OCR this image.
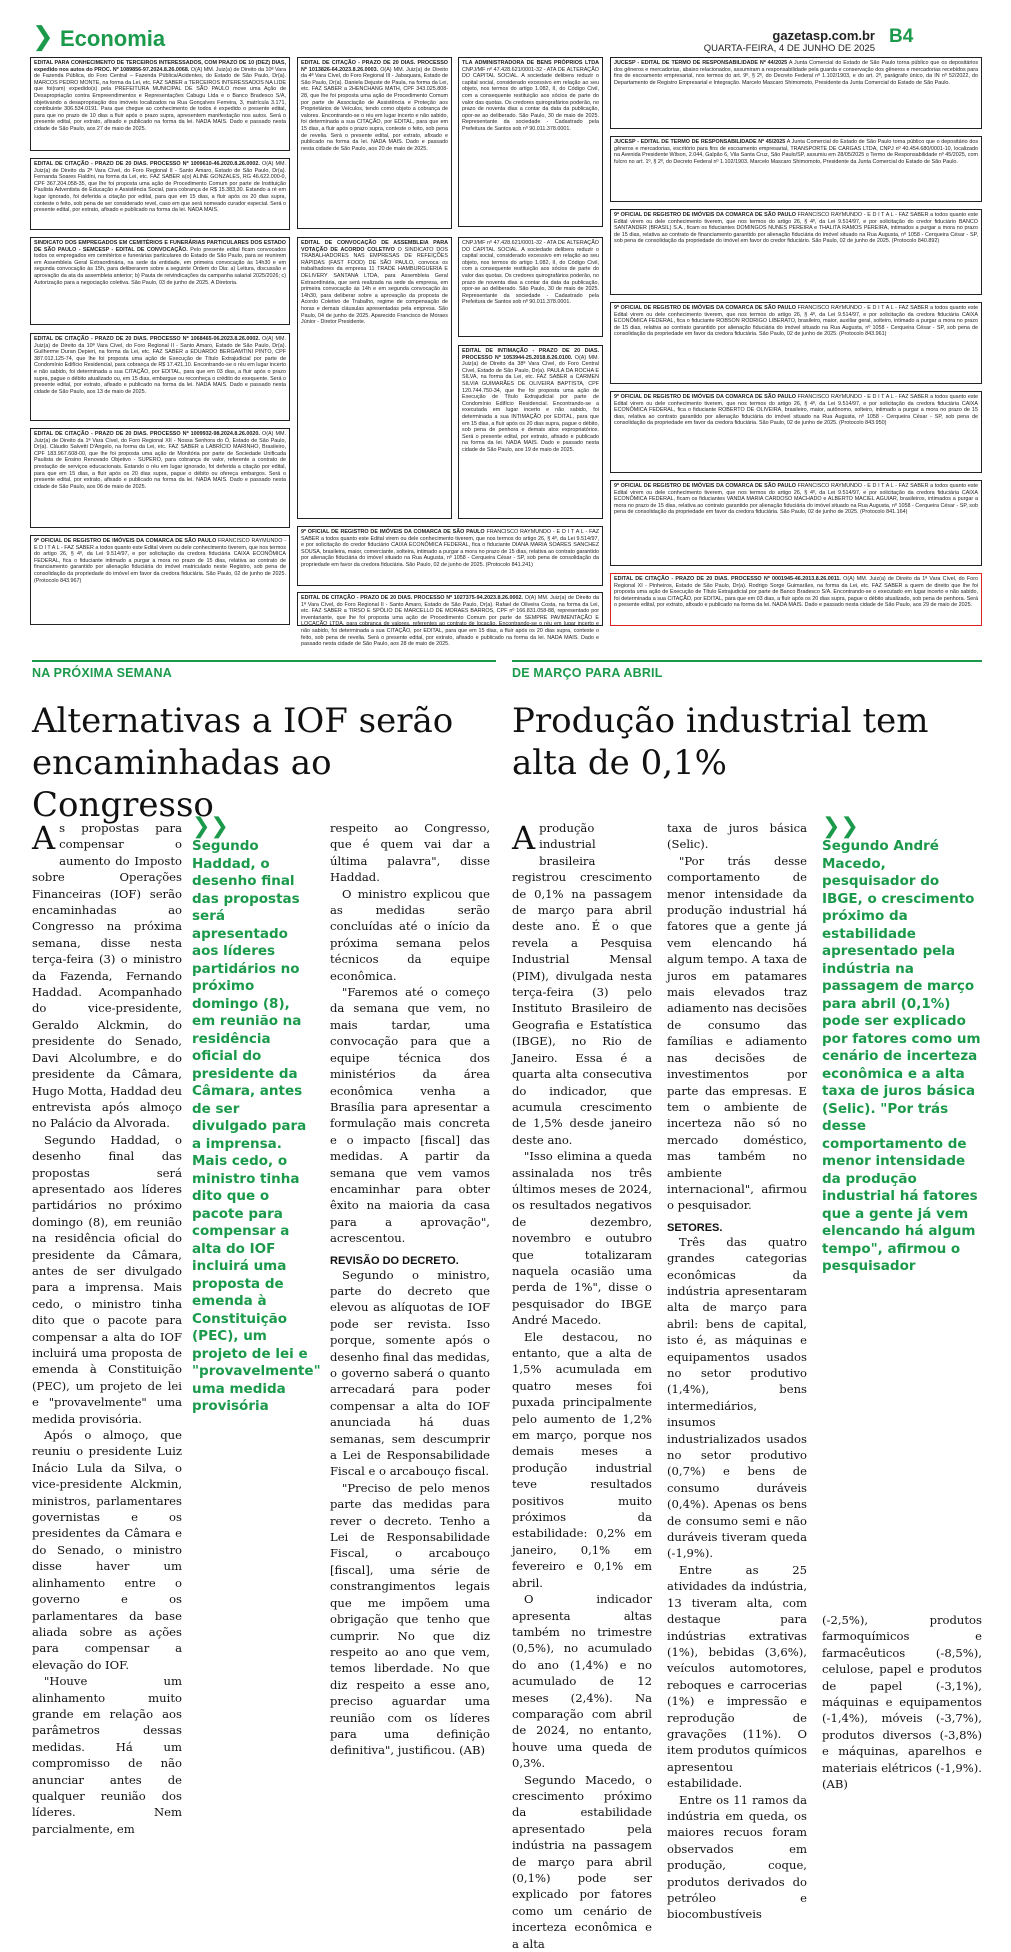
❯ Economia	B4
gazetasp.com.br
QUARTA-FEIRA, 4 DE JUNHO DE 2025
EDITAL PARA CONHECIMENTO DE TERCEIROS INTERESSADOS, COM PRAZO DE 10 (DEZ) DIAS, expedido nos autos do PROC. Nº 1089856-97.2024.8.26.0068. O(A) MM. Juiz(a) de Direito da 10ª Vara de Fazenda Pública, do Foro Central – Fazenda Pública/Acidentes, do Estado de São Paulo, Dr(a). MARCOS PEDRO MONTE, na forma da Lei, etc. FAZ SABER a TERCEIROS INTERESSADOS NA LIDE que foi(ram) expedido(s) pela PREFEITURA MUNICIPAL DE SÃO PAULO move uma Ação de Desapropriação contra Empreendimentos e Representações Cabugu Ltda e o Banco Bradesco S/A, objetivando a desapropriação dos imóveis localizados na Rua Gonçalves Ferreira, 3, matrícula 3.171, contribuinte 306.534.0191. Para que chegue ao conhecimento de todos é expedido o presente edital, para que no prazo de 10 dias a fluir após o prazo supra, apresentem manifestação nos autos. Será o presente edital, por extrato, afixado e publicado na forma da lei. NADA MAIS. Dado e passado nesta cidade de São Paulo, aos 27 de maio de 2025.
EDITAL DE CITAÇÃO - PRAZO DE 20 DIAS. PROCESSO Nº 1009610-46.2020.8.26.0002. O(A) MM. Juiz(a) de Direito da 2ª Vara Cível, do Foro Regional II - Santo Amaro, Estado de São Paulo, Dr(a). Fernanda Soares Fialdini, na forma da Lei, etc. FAZ SABER a(o) ALINE GONZALES, RG 46.622.000-0, CPF 367.204.058-35, que lhe foi proposta uma ação de Procedimento Comum por parte de Instituição Paulista Adventista de Educação e Assistência Social, para cobrança de R$ 15.383,30. Estando a ré em lugar ignorado, foi deferida a citação por edital, para que em 15 dias, a fluir após os 20 dias supra, conteste o feito, sob pena de ser considerado revel, caso em que será nomeado curador especial. Será o presente edital, por extrato, afixado e publicado na forma da lei. NADA MAIS.
SINDICATO DOS EMPREGADOS EM CEMITÉRIOS E FUNERÁRIAS PARTICULARES DOS ESTADO DE SÃO PAULO - SEMCESP - EDITAL DE CONVOCAÇÃO. Pelo presente edital ficam convocados todos os empregados em cemitérios e funerárias particulares do Estado de São Paulo, para se reunirem em Assembleia Geral Extraordinária, na sede da entidade, em primeira convocação às 14h30 e em segunda convocação às 15h, para deliberarem sobre a seguinte Ordem do Dia: a) Leitura, discussão e aprovação da ata da assembleia anterior; b) Pauta de reivindicações da campanha salarial 2025/2026; c) Autorização para a negociação coletiva. São Paulo, 03 de junho de 2025. A Diretoria.
EDITAL DE CITAÇÃO - PRAZO DE 20 DIAS. PROCESSO Nº 1068465-06.2023.8.26.0002. O(A) MM. Juiz(a) de Direito da 10ª Vara Cível, do Foro Regional II - Santo Amaro, Estado de São Paulo, Dr(a). Guilherme Duran Depieri, na forma da Lei, etc. FAZ SABER a EDUARDO BERGAMTINI PINTO, CPF 387.012.125-74, que lhe foi proposta uma ação de Execução de Título Extrajudicial por parte de Condomínio Edifício Residencial, para cobrança de R$ 17.421,10. Encontrando-se o réu em lugar incerto e não sabido, foi determinada a sua CITAÇÃO, por EDITAL, para que em 03 dias, a fluir após o prazo supra, pague o débito atualizado ou, em 15 dias, embargue ou reconheça o crédito do exequente. Será o presente edital, por extrato, afixado e publicado na forma da lei. NADA MAIS. Dado e passado nesta cidade de São Paulo, aos 13 de maio de 2025.
EDITAL DE CITAÇÃO - PRAZO DE 20 DIAS. PROCESSO Nº 1009932-98.2024.8.26.0020. O(A) MM. Juiz(a) de Direito da 1ª Vara Cível, do Foro Regional XII - Nossa Senhora do Ó, Estado de São Paulo, Dr(a). Cláudio Salvetti D'Angelo, na forma da Lei, etc. FAZ SABER a LABRÍCIO MARINHO, Brasileiro, CPF 183.967.608-00, que lhe foi proposta uma ação de Monitória por parte de Sociedade Unificada Paulista de Ensino Renovado Objetivo - SUPERO, para cobrança de valor, referente a contrato de prestação de serviços educacionais. Estando o réu em lugar ignorado, foi deferida a citação por edital, para que em 15 dias, a fluir após os 20 dias supra, pague o débito ou ofereça embargos. Será o presente edital, por extrato, afixado e publicado na forma da lei. NADA MAIS. Dado e passado nesta cidade de São Paulo, aos 06 de maio de 2025.
9º OFICIAL DE REGISTRO DE IMÓVEIS DA COMARCA DE SÃO PAULO FRANCISCO RAYMUNDO - E D I T A L - FAZ SABER a todos quanto este Edital virem ou dele conhecimento tiverem, que nos termos do artigo 26, § 4º, da Lei 9.514/97, e por solicitação da credora fiduciária CAIXA ECONÔMICA FEDERAL, fica o fiduciante intimado a purgar a mora no prazo de 15 dias, relativa ao contrato de financiamento garantido por alienação fiduciária do imóvel matriculado neste Registro, sob pena de consolidação da propriedade do imóvel em favor da credora fiduciária. São Paulo, 02 de junho de 2025. (Protocolo 843.967)
EDITAL DE CITAÇÃO - PRAZO DE 20 DIAS. PROCESSO Nº 1013826-64.2023.8.26.0003. O(A) MM. Juiz(a) de Direito da 4ª Vara Cível, do Foro Regional III - Jabaquara, Estado de São Paulo, Dr(a). Daniela Dejuste de Paula, na forma da Lei, etc. FAZ SABER a 2HENCHANG MATH, CPF 343.025.808-28, que lhe foi proposta uma ação de Procedimento Comum por parte de Associação de Assistência e Proteção aos Proprietários de Veículos, tendo como objeto a cobrança de valores. Encontrando-se o réu em lugar incerto e não sabido, foi determinada a sua CITAÇÃO, por EDITAL, para que em 15 dias, a fluir após o prazo supra, conteste o feito, sob pena de revelia. Será o presente edital, por extrato, afixado e publicado na forma da lei. NADA MAIS. Dado e passado nesta cidade de São Paulo, aos 20 de maio de 2025.
EDITAL DE CONVOCAÇÃO DE ASSEMBLEIA PARA VOTAÇÃO DE ACORDO COLETIVO O SINDICATO DOS TRABALHADORES NAS EMPRESAS DE REFEIÇÕES RÁPIDAS (FAST FOOD) DE SÃO PAULO, convoca os trabalhadores da empresa 11 TRADE HAMBURGUERIA E DELIVERY SANTANA LTDA, para Assembleia Geral Extraordinária, que será realizada na sede da empresa, em primeira convocação às 14h e em segunda convocação às 14h30, para deliberar sobre a aprovação da proposta de Acordo Coletivo de Trabalho, regime de compensação de horas e demais cláusulas apresentadas pela empresa. São Paulo, 04 de junho de 2025. Aparecido Francisco de Moraes Júnior - Diretor Presidente.
TLA ADMINISTRADORA DE BENS PRÓPRIOS LTDA CNPJ/MF nº 47.428.621/0001-32 - ATA DE ALTERAÇÃO DO CAPITAL SOCIAL. A sociedade delibera reduzir o capital social, considerado excessivo em relação ao seu objeto, nos termos do artigo 1.082, II, do Código Civil, com a consequente restituição aos sócios de parte do valor das quotas. Os credores quirografários poderão, no prazo de noventa dias a contar da data da publicação, opor-se ao deliberado. São Paulo, 30 de maio de 2025. Representante da sociedade - Cadastrado pela Prefeitura de Santos sob nº 90.011.378.0001.
CNPJ/MF nº 47.428.621/0001-32 - ATA DE ALTERAÇÃO DO CAPITAL SOCIAL. A sociedade delibera reduzir o capital social, considerado excessivo em relação ao seu objeto, nos termos do artigo 1.082, II, do Código Civil, com a consequente restituição aos sócios de parte do valor das quotas. Os credores quirografários poderão, no prazo de noventa dias a contar da data da publicação, opor-se ao deliberado. São Paulo, 30 de maio de 2025. Representante da sociedade - Cadastrado pela Prefeitura de Santos sob nº 90.011.378.0001.
EDITAL DE INTIMAÇÃO - PRAZO DE 20 DIAS. PROCESSO Nº 1053944-25.2018.8.26.0100. O(A) MM. Juiz(a) de Direito da 38ª Vara Cível, do Foro Central Cível, Estado de São Paulo, Dr(a). PAULA DA ROCHA E SILVA, na forma da Lei, etc. FAZ SABER a CARMEN SILVIA GUIMARÃES DE OLIVEIRA BAPTISTA, CPF 120.744.750-34, que lhe foi proposta uma ação de Execução de Título Extrajudicial por parte de Condomínio Edifício Residencial. Encontrando-se a executada em lugar incerto e não sabido, foi determinada a sua INTIMAÇÃO por EDITAL, para que em 15 dias, a fluir após os 20 dias supra, pague o débito, sob pena de penhora e demais atos expropriatórios. Será o presente edital, por extrato, afixado e publicado na forma da lei. NADA MAIS. Dado e passado nesta cidade de São Paulo, aos 19 de maio de 2025.
9º OFICIAL DE REGISTRO DE IMÓVEIS DA COMARCA DE SÃO PAULO FRANCISCO RAYMUNDO - E D I T A L - FAZ SABER a todos quanto este Edital virem ou dele conhecimento tiverem, que nos termos do artigo 26, § 4º, da Lei 9.514/97, e por solicitação do credor fiduciário CAIXA ECONÔMICA FEDERAL, fica o fiduciante DIANA MARIA SOARES SANCHEZ SOUSA, brasileira, maior, comerciante, solteira, intimado a purgar a mora no prazo de 15 dias, relativa ao contrato garantido por alienação fiduciária do imóvel situado na Rua Augusta, nº 1058 - Cerqueira César - SP, sob pena de consolidação da propriedade em favor da credora fiduciária. São Paulo, 02 de junho de 2025. (Protocolo 841.241)
EDITAL DE CITAÇÃO - PRAZO DE 20 DIAS. PROCESSO Nº 1027375-94.2023.8.26.0002. O(A) MM. Juiz(a) de Direito da 1ª Vara Cível, do Foro Regional II - Santo Amaro, Estado de São Paulo, Dr(a). Rafael de Oliveira Costa, na forma da Lei, etc. FAZ SABER a TIRSO E SPÓLIO DE MARCELLO DE MORAES BARROS, CPF nº 166.831.058-88, representado por inventariante, que lhe foi proposta uma ação de Procedimento Comum por parte de SEMPRE PAVIMENTAÇÃO E LOCAÇÃO LTDA, para cobrança de valores, referentes ao contrato de locação. Encontrando-se o réu em lugar incerto e não sabido, foi determinada a sua CITAÇÃO, por EDITAL, para que em 15 dias, a fluir após os 20 dias supra, conteste o feito, sob pena de revelia. Será o presente edital, por extrato, afixado e publicado na forma da lei. NADA MAIS. Dado e passado nesta cidade de São Paulo, aos 28 de maio de 2025.
JUCESP - EDITAL DE TERMO DE RESPONSABILIDADE Nº 44/2025 A Junta Comercial do Estado de São Paulo torna público que os depositários dos gêneros e mercadorias, abaixo relacionados, assumiram a responsabilidade pela guarda e conservação dos gêneros e mercadorias recebidos para fins de escoamento empresarial, nos termos do art. 9º, § 2º, do Decreto Federal nº 1.102/1903, e do art. 2º, parágrafo único, da IN nº 52/2022, do Departamento de Registro Empresarial e Integração. Marcelo Mascaro Shimomoto, Presidente da Junta Comercial do Estado de São Paulo.
JUCESP - EDITAL DE TERMO DE RESPONSABILIDADE Nº 45/2025 A Junta Comercial do Estado de São Paulo torna público que o depositário dos gêneros e mercadorias, escritório para fins de escoamento empresarial, TRANSPORTE DE CARGAS LTDA, CNPJ nº 40.454.680/0001-10, localizado na Avenida Presidente Wilson, 2.044, Galpão 6, Vila Santa Cruz, São Paulo/SP, assumiu em 28/05/2025 o Termo de Responsabilidade nº 45/2025, com fulcro no art. 1º, § 2º, do Decreto Federal nº 1.102/1903. Marcelo Mascaro Shimomoto, Presidente da Junta Comercial do Estado de São Paulo.
9º OFICIAL DE REGISTRO DE IMÓVEIS DA COMARCA DE SÃO PAULO FRANCISCO RAYMUNDO - E D I T A L - FAZ SABER a todos quanto este Edital virem ou dele conhecimento tiverem, que nos termos do artigo 26, § 4º, da Lei 9.514/97, e por solicitação do credor fiduciário BANCO SANTANDER (BRASIL) S.A., ficam os fiduciantes DOMINGOS NUNES PEREIRA e THALITA RAMOS PEREIRA, intimados a purgar a mora no prazo de 15 dias, relativa ao contrato de financiamento garantido por alienação fiduciária do imóvel situado na Rua Augusta, nº 1058 - Cerqueira César - SP, sob pena de consolidação da propriedade do imóvel em favor do credor fiduciário. São Paulo, 02 de junho de 2025. (Protocolo 840.892)
9º OFICIAL DE REGISTRO DE IMÓVEIS DA COMARCA DE SÃO PAULO FRANCISCO RAYMUNDO - E D I T A L - FAZ SABER a todos quanto este Edital virem ou dele conhecimento tiverem, que nos termos do artigo 26, § 4º, da Lei 9.514/97, e por solicitação da credora fiduciária CAIXA ECONÔMICA FEDERAL, fica o fiduciante ROBSON RODRIGO LIBERATO, brasileiro, maior, auxiliar geral, solteiro, intimado a purgar a mora no prazo de 15 dias, relativa ao contrato garantido por alienação fiduciária do imóvel situado na Rua Augusta, nº 1058 - Cerqueira César - SP, sob pena de consolidação da propriedade em favor da credora fiduciária. São Paulo, 02 de junho de 2025. (Protocolo 843.961)
9º OFICIAL DE REGISTRO DE IMÓVEIS DA COMARCA DE SÃO PAULO FRANCISCO RAYMUNDO - E D I T A L - FAZ SABER a todos quanto este Edital virem ou dele conhecimento tiverem, que nos termos do artigo 26, § 4º, da Lei 9.514/97, e por solicitação da credora fiduciária CAIXA ECONÔMICA FEDERAL, fica o fiduciante ROBERTO DE OLIVEIRA, brasileiro, maior, autônomo, solteiro, intimado a purgar a mora no prazo de 15 dias, relativa ao contrato garantido por alienação fiduciária do imóvel situado na Rua Augusta, nº 1058 - Cerqueira César - SP, sob pena de consolidação da propriedade em favor da credora fiduciária. São Paulo, 02 de junho de 2025. (Protocolo 843.950)
9º OFICIAL DE REGISTRO DE IMÓVEIS DA COMARCA DE SÃO PAULO FRANCISCO RAYMUNDO - E D I T A L - FAZ SABER a todos quanto este Edital virem ou dele conhecimento tiverem, que nos termos do artigo 26, § 4º, da Lei 9.514/97, e por solicitação da credora fiduciária CAIXA ECONÔMICA FEDERAL, ficam os fiduciantes VANDA MARIA CARDOSO MACHADO e ALBERTO MACIEL AGUIAR, brasileiros, intimados a purgar a mora no prazo de 15 dias, relativa ao contrato garantido por alienação fiduciária do imóvel situado na Rua Augusta, nº 1058 - Cerqueira César - SP, sob pena de consolidação da propriedade em favor da credora fiduciária. São Paulo, 02 de junho de 2025. (Protocolo 841.164)
EDITAL DE CITAÇÃO - PRAZO DE 20 DIAS. PROCESSO Nº 0001945-46.2013.8.26.0011. O(A) MM. Juiz(a) de Direito da 1ª Vara Cível, do Foro Regional XI - Pinheiros, Estado de São Paulo, Dr(a). Rodrigo Sorge Guimarães, na forma da Lei, etc. FAZ SABER a quem de direito que lhe foi proposta uma ação de Execução de Título Extrajudicial por parte de Banco Bradesco S/A. Encontrando-se o executado em lugar incerto e não sabido, foi determinada a sua CITAÇÃO, por EDITAL, para que em 03 dias, a fluir após os 20 dias supra, pague o débito atualizado, sob pena de penhora. Será o presente edital, por extrato, afixado e publicado na forma da lei. NADA MAIS. Dado e passado nesta cidade de São Paulo, aos 29 de maio de 2025.
NA PRÓXIMA SEMANA
Alternativas a IOF serão encaminhadas ao Congresso

As propostas para compensar o aumento do Imposto sobre Operações Financeiras (IOF) serão encaminhadas ao Congresso na próxima semana, disse nesta terça-feira (3) o ministro da Fazenda, Fernando Haddad. Acompanhado do vice-presidente, Geraldo Alckmin, do presidente do Senado, Davi Alcolumbre, e do presidente da Câmara, Hugo Motta, Haddad deu entrevista após almoço no Palácio da Alvorada.

Segundo Haddad, o desenho final das propostas será apresentado aos líderes partidários no próximo domingo (8), em reunião na residência oficial do presidente da Câmara, antes de ser divulgado para a imprensa. Mais cedo, o ministro tinha dito que o pacote para compensar a alta do IOF incluirá uma proposta de emenda à Constituição (PEC), um projeto de lei e "provavelmente" uma medida provisória.

Após o almoço, que reuniu o presidente Luiz Inácio Lula da Silva, o vice-presidente Alckmin, ministros, parlamentares governistas e os presidentes da Câmara e do Senado, o ministro disse haver um alinhamento entre o governo e os parlamentares da base aliada sobre as ações para compensar a elevação do IOF.

"Houve um alinhamento muito grande em relação aos parâmetros dessas medidas. Há um compromisso de não anunciar antes de qualquer reunião dos líderes. Nem parcialmente, em

❯❯
Segundo Haddad, o desenho final das propostas será apresentado aos líderes partidários no próximo domingo (8), em reunião na residência oficial do presidente da Câmara, antes de ser divulgado para a imprensa. Mais cedo, o ministro tinha dito que o pacote para compensar a alta do IOF incluirá uma proposta de emenda à Constituição (PEC), um projeto de lei e "provavelmente" uma medida provisória

respeito ao Congresso, que é quem vai dar a última palavra", disse Haddad.

O ministro explicou que as medidas serão concluídas até o início da próxima semana pelos técnicos da equipe econômica.

"Faremos até o começo da semana que vem, no mais tardar, uma convocação para que a equipe técnica dos ministérios da área econômica venha a Brasília para apresentar a formulação mais concreta e o impacto [fiscal] das medidas. A partir da semana que vem vamos encaminhar para obter êxito na maioria da casa para a aprovação", acrescentou.

REVISÃO DO DECRETO.

Segundo o ministro, parte do decreto que elevou as alíquotas de IOF pode ser revista. Isso porque, somente após o desenho final das medidas, o governo saberá o quanto arrecadará para poder compensar a alta do IOF anunciada há duas semanas, sem descumprir a Lei de Responsabilidade Fiscal e o arcabouço fiscal.

"Preciso de pelo menos parte das medidas para rever o decreto. Tenho a Lei de Responsabilidade Fiscal, o arcabouço [fiscal], uma série de constrangimentos legais que me impõem uma obrigação que tenho que cumprir. No que diz respeito ao ano que vem, temos liberdade. No que diz respeito a esse ano, preciso aguardar uma reunião com os líderes para uma definição definitiva", justificou. (AB)

DE MARÇO PARA ABRIL
Produção industrial tem alta de 0,1%

A produção industrial brasileira registrou crescimento de 0,1% na passagem de março para abril deste ano. É o que revela a Pesquisa Industrial Mensal (PIM), divulgada nesta terça-feira (3) pelo Instituto Brasileiro de Geografia e Estatística (IBGE), no Rio de Janeiro. Essa é a quarta alta consecutiva do indicador, que acumula crescimento de 1,5% desde janeiro deste ano.

"Isso elimina a queda assinalada nos três últimos meses de 2024, os resultados negativos de dezembro, novembro e outubro que totalizaram naquela ocasião uma perda de 1%", disse o pesquisador do IBGE André Macedo.

Ele destacou, no entanto, que a alta de 1,5% acumulada em quatro meses foi puxada principalmente pelo aumento de 1,2% em março, porque nos demais meses a produção industrial teve resultados positivos muito próximos da estabilidade: 0,2% em janeiro, 0,1% em fevereiro e 0,1% em abril.

O indicador apresenta altas também no trimestre (0,5%), no acumulado do ano (1,4%) e no acumulado de 12 meses (2,4%). Na comparação com abril de 2024, no entanto, houve uma queda de 0,3%.

Segundo Macedo, o crescimento próximo da estabilidade apresentado pela indústria na passagem de março para abril (0,1%) pode ser explicado por fatores como um cenário de incerteza econômica e a alta

taxa de juros básica (Selic).

"Por trás desse comportamento de menor intensidade da produção industrial há fatores que a gente já vem elencando há algum tempo. A taxa de juros em patamares mais elevados traz adiamento nas decisões de consumo das famílias e adiamento nas decisões de investimentos por parte das empresas. E tem o ambiente de incerteza não só no mercado doméstico, mas também no ambiente internacional", afirmou o pesquisador.

SETORES.

Três das quatro grandes categorias econômicas da indústria apresentaram alta de março para abril: bens de capital, isto é, as máquinas e equipamentos usados no setor produtivo (1,4%), bens intermediários, insumos industrializados usados no setor produtivo (0,7%) e bens de consumo duráveis (0,4%). Apenas os bens de consumo semi e não duráveis tiveram queda (-1,9%).

Entre as 25 atividades da indústria, 13 tiveram alta, com destaque para indústrias extrativas (1%), bebidas (3,6%), veículos automotores, reboques e carrocerias (1%) e impressão e reprodução de gravações (11%). O item produtos químicos apresentou estabilidade.

Entre os 11 ramos da indústria em queda, os maiores recuos foram observados em produção, coque, produtos derivados do petróleo e biocombustíveis

❯❯
Segundo André Macedo, pesquisador do IBGE, o crescimento próximo da estabilidade apresentado pela indústria na passagem de março para abril (0,1%) pode ser explicado por fatores como um cenário de incerteza econômica e a alta taxa de juros básica (Selic). "Por trás desse comportamento de menor intensidade da produção industrial há fatores que a gente já vem elencando há algum tempo", afirmou o pesquisador

(-2,5%), produtos farmoquímicos e farmacêuticos (-8,5%), celulose, papel e produtos de papel (-3,1%), máquinas e equipamentos (-1,4%), móveis (-3,7%), produtos diversos (-3,8%) e máquinas, aparelhos e materiais elétricos (-1,9%). (AB)
